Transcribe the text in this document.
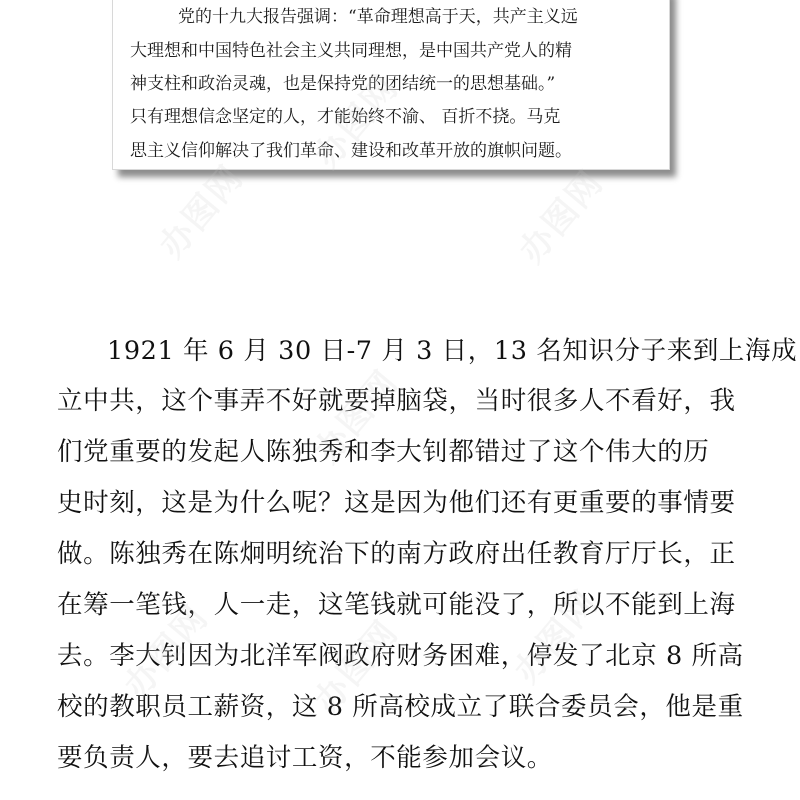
党的十九大报告强调：“革命理想高于天，共产主义远
大理想和中国特色社会主义共同理想，是中国共产党人的精
神支柱和政治灵魂，也是保持党的团结统一的思想基础。”
只有理想信念坚定的人，才能始终不渝、 百折不挠。马克
思主义信仰解决了我们革命、建设和改革开放的旗帜问题。
1921 年 6 月 30 日-7 月 3 日，13 名知识分子来到上海成
立中共，这个事弄不好就要掉脑袋，当时很多人不看好，我
们党重要的发起人陈独秀和李大钊都错过了这个伟大的历
史时刻，这是为什么呢？这是因为他们还有更重要的事情要
做。陈独秀在陈炯明统治下的南方政府出任教育厅厅长，正
在筹一笔钱，人一走，这笔钱就可能没了，所以不能到上海
去。李大钊因为北洋军阀政府财务困难，停发了北京 8 所高
校的教职员工薪资，这 8 所高校成立了联合委员会，他是重
要负责人，要去追讨工资，不能参加会议。
办图网	办图网
办图网
办图网	办图网
办图网
